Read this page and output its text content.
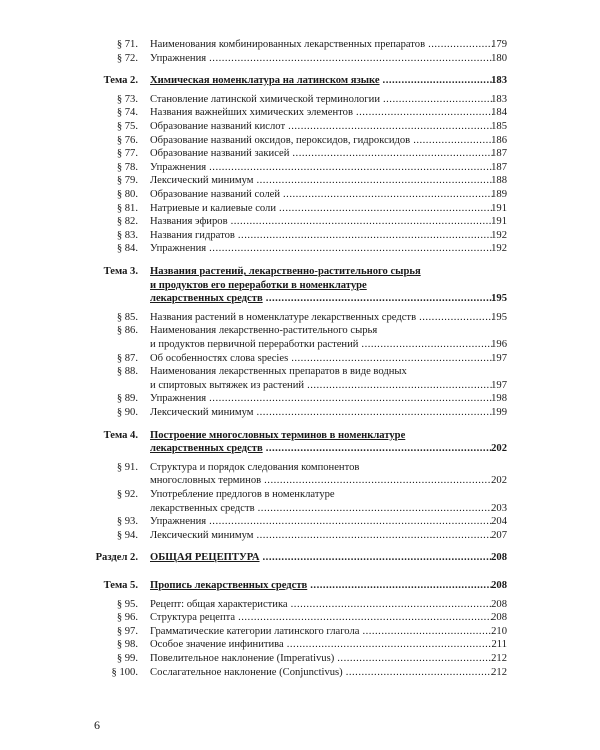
§ 71. Наименования комбинированных лекарственных препаратов .....	179
§ 72. Упражнения .....	180
Тема 2. Химическая номенклатура на латинском языке .....	183
§ 73. Становление латинской химической терминологии .....	183
§ 74. Названия важнейших химических элементов .....	184
§ 75. Образование названий кислот .....	185
§ 76. Образование названий оксидов, пероксидов, гидроксидов .....	186
§ 77. Образование названий закисей .....	187
§ 78. Упражнения .....	187
§ 79. Лексический минимум .....	188
§ 80. Образование названий солей .....	189
§ 81. Натриевые и калиевые соли .....	191
§ 82. Названия эфиров .....	191
§ 83. Названия гидратов .....	192
§ 84. Упражнения .....	192
Тема 3. Названия растений, лекарственно-растительного сырья
и продуктов его переработки в номенклатуре
лекарственных средств .....	195
§ 85. Названия растений в номенклатуре лекарственных средств .....	195
§ 86. Наименования лекарственно-растительного сырья
и продуктов первичной переработки растений .....	196
§ 87. Об особенностях слова species .....	197
§ 88. Наименования лекарственных препаратов в виде водных
и спиртовых вытяжек из растений .....	197
§ 89. Упражнения .....	198
§ 90. Лексический минимум .....	199
Тема 4. Построение многословных терминов в номенклатуре
лекарственных средств .....	202
§ 91. Структура и порядок следования компонентов
многословных терминов .....	202
§ 92. Употребление предлогов в номенклатуре
лекарственных средств .....	203
§ 93. Упражнения .....	204
§ 94. Лексический минимум .....	207
Раздел 2. ОБЩАЯ РЕЦЕПТУРА .....	208
Тема 5. Пропись лекарственных средств .....	208
§ 95. Рецепт: общая характеристика .....	208
§ 96. Структура рецепта .....	208
§ 97. Грамматические категории латинского глагола .....	210
§ 98. Особое значение инфинитива .....	211
§ 99. Повелительное наклонение (Imperativus) .....	212
§ 100. Сослагательное наклонение (Conjunctivus) .....	212
6
